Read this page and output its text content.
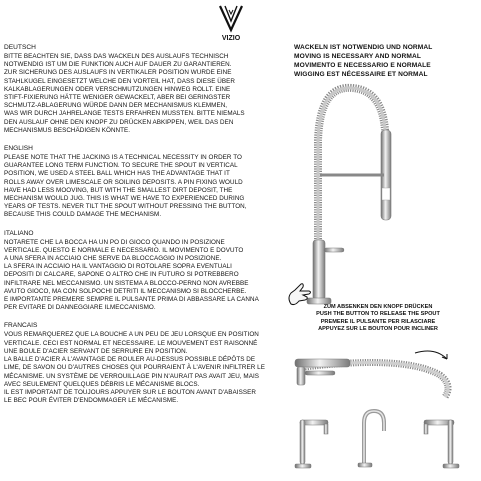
VIZIO
DEUTSCH
BITTE BEACHTEN SIE, DASS DAS WACKELN DES AUSLAUFS TECHNISCH
NOTWENDIG IST UM DIE FUNKTION AUCH AUF DAUER ZU GARANTIEREN.
ZUR SICHERUNG DES AUSLAUFS IN VERTIKALER POSITION WURDE EINE
STAHLKUGEL EINGESETZT WELCHE DEN VORTEIL HAT, DASS DIESE ÜBER
KALKABLAGERUNGEN ODER VERSCHMUTZUNGEN HINWEG ROLLT. EINE
STIFT-FIXIERUNG HÄTTE WENIGER GEWACKELT, ABER BEI GERINGSTER
SCHMUTZ-ABLAGERUNG WÜRDE DANN DER MECHANISMUS KLEMMEN,
WAS WIR DURCH JAHRELANGE TESTS ERFAHREN MUSSTEN. BITTE NIEMALS
DEN AUSLAUF OHNE DEN KNOPF ZU DRÜCKEN ABKIPPEN, WEIL DAS DEN
MECHANISMUS BESCHÄDIGEN KÖNNTE.
ENGLISH
PLEASE NOTE THAT THE JACKING IS A TECHNICAL NECESSITY IN ORDER TO
GUARANTEE LONG TERM FUNCTION. TO SECURE THE SPOUT IN VERTICAL
POSITION, WE USED A STEEL BALL WHICH HAS THE ADVANTAGE THAT IT
ROLLS AWAY OVER LIMESCALE OR SOILING DEPOSITS. A PIN FIXING WOULD
HAVE HAD LESS MOOVING, BUT WITH THE SMALLEST DIRT DEPOSIT, THE
MECHANISM WOULD JUG. THIS IS WHAT WE HAVE TO EXPERIENCED DURING
YEARS OF TESTS. NEVER TILT THE SPOUT WITHOUT PRESSING THE BUTTON,
BECAUSE THIS COULD DAMAGE THE MECHANISM.
ITALIANO
NOTARETE CHE LA BOCCA HA UN PO DI GIOCO QUANDO IN POSIZIONE
VERTICALE. QUESTO E NORMALE E NECESSARIO. IL MOVIMENTO E DOVUTO
A UNA SFERA IN ACCIAIO CHE SERVE DA BLOCCAGGIO IN POSIZIONE.
LA SFERA IN ACCIAIO HA IL VANTAGGIO DI ROTOLARE SOPRA EVENTUALI
DEPOSITI DI CALCARE, SAPONE O ALTRO CHE IN FUTURO SI POTREBBERO
INFILTRARE NEL MECCANISMO. UN SISTEMA A BLOCCO-PERNO NON AVREBBE
AVUTO GIOCO, MA CON SOLPOCHI DETRITI IL MECCANISMO SI BLOCCHERBE.
E IMPORTANTE PREMERE SEMPRE IL PULSANTE PRIMA DI ABBASSARE LA CANNA
PER EVITARE DI DANNEGGIARE ILMECCANISMO.
FRANCAIS
VOUS REMARQUEREZ QUE LA BOUCHE A UN PEU DE JEU LORSQUE EN POSITION
VERTICALE. CECI EST NORMAL ET NECESSAIRE. LE MOUVEMENT EST RAISONNÉ
UNE BOULE D'ACIER SERVANT DE SERRURE EN POSITION.
LA BALLE D'ACIER A L'AVANTAGE DE ROULER AU-DESSUS POSSIBLE DÉPÔTS DE
LIME, DE SAVON OU D'AUTRES CHOSES QUI POURRAIENT À L'AVENIR INFILTRER LE
MÉCANISME. UN SYSTÈME DE VERROUILLAGE PIN N'AURAIT PAS AVAIT JEU, MAIS
AVEC SEULEMENT QUELQUES DÉBRIS LE MÉCANISME BLOCS.
IL EST IMPORTANT DE TOUJOURS APPUYER SUR LE BOUTON AVANT D'ABAISSER
LE BEC POUR ÉVITER D'ENDOMMAGER LE MÉCANISME.
WACKELN IST NOTWENDIG UND NORMAL
MOVING IS NECESSARY AND NORMAL
MOVIMENTO E NECESSARIO E NORMALE
WIGGING EST NÉCESSAIRE ET NORMAL
ZUM ABSENKEN DEN KNOPF DRÜCKEN
PUSH THE BUTTON TO RELEASE THE SPOUT
PREMERE IL PULSANTE PER RILASCIARE
APPUYEZ SUR LE BOUTON POUR INCLINER
